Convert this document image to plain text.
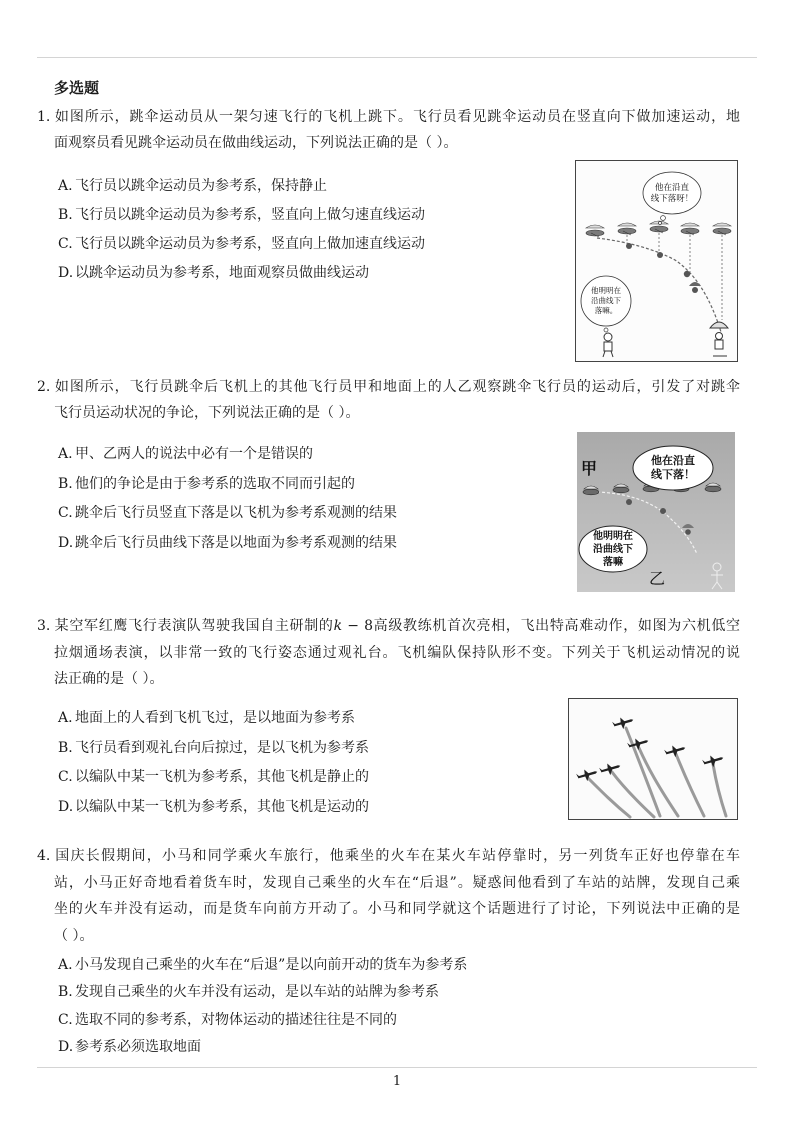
多选题
1. 如图所示，跳伞运动员从一架匀速飞行的飞机上跳下。飞行员看见跳伞运动员在竖直向下做加速运动，地
面观察员看见跳伞运动员在做曲线运动，下列说法正确的是（ ）。
A. 飞行员以跳伞运动员为参考系，保持静止
B. 飞行员以跳伞运动员为参考系，竖直向上做匀速直线运动
C. 飞行员以跳伞运动员为参考系，竖直向上做加速直线运动
D. 以跳伞运动员为参考系，地面观察员做曲线运动
他在沿直
线下落呀！
他明明在
沿曲线下
落嘛。
2. 如图所示，飞行员跳伞后飞机上的其他飞行员甲和地面上的人乙观察跳伞飞行员的运动后，引发了对跳伞
飞行员运动状况的争论，下列说法正确的是（ ）。
A. 甲、乙两人的说法中必有一个是错误的
B. 他们的争论是由于参考系的选取不同而引起的
C. 跳伞后飞行员竖直下落是以飞机为参考系观测的结果
D. 跳伞后飞行员曲线下落是以地面为参考系观测的结果
甲	他在沿直
线下落！
他明明在
沿曲线下
落嘛
乙
3. 某空军红鹰飞行表演队驾驶我国自主研制的k − 8高级教练机首次亮相，飞出特高难动作，如图为六机低空
拉烟通场表演，以非常一致的飞行姿态通过观礼台。飞机编队保持队形不变。下列关于飞机运动情况的说
法正确的是（ ）。
A. 地面上的人看到飞机飞过，是以地面为参考系
B. 飞行员看到观礼台向后掠过，是以飞机为参考系
C. 以编队中某一飞机为参考系，其他飞机是静止的
D. 以编队中某一飞机为参考系，其他飞机是运动的
4. 国庆长假期间，小马和同学乘火车旅行，他乘坐的火车在某火车站停靠时，另一列货车正好也停靠在车
站，小马正好奇地看着货车时，发现自己乘坐的火车在“后退”。疑惑间他看到了车站的站牌，发现自己乘
坐的火车并没有运动，而是货车向前方开动了。小马和同学就这个话题进行了讨论，下列说法中正确的是
（ ）。
A. 小马发现自己乘坐的火车在“后退”是以向前开动的货车为参考系
B. 发现自己乘坐的火车并没有运动，是以车站的站牌为参考系
C. 选取不同的参考系，对物体运动的描述往往是不同的
D. 参考系必须选取地面
1
